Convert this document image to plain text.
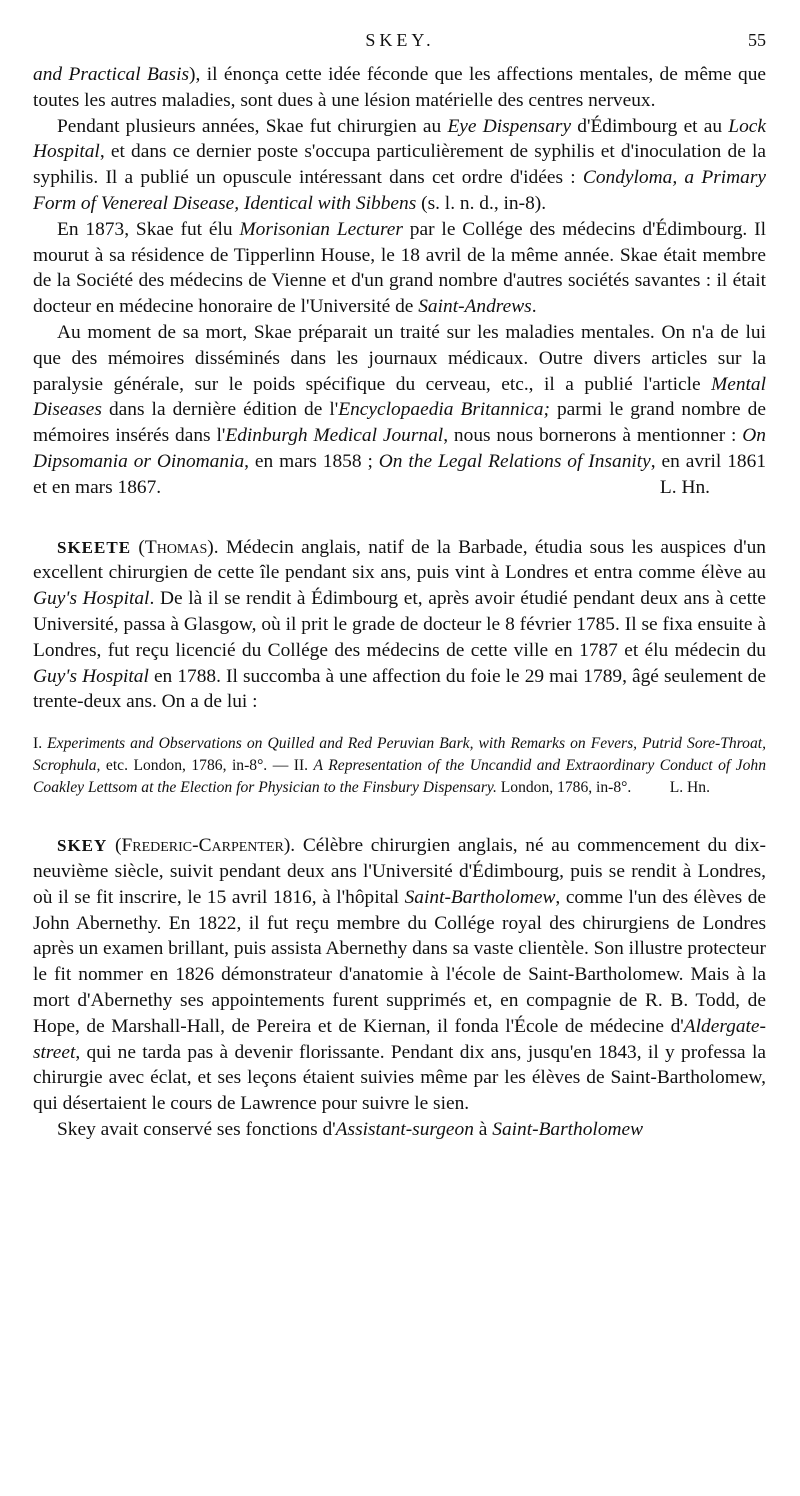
SKEY.	55

and Practical Basis), il énonça cette idée féconde que les affections mentales, de même que toutes les autres maladies, sont dues à une lésion matérielle des centres nerveux.

Pendant plusieurs années, Skae fut chirurgien au Eye Dispensary d'Édimbourg et au Lock Hospital, et dans ce dernier poste s'occupa particulièrement de syphilis et d'inoculation de la syphilis. Il a publié un opuscule intéressant dans cet ordre d'idées : Condyloma, a Primary Form of Venereal Disease, Identical with Sibbens (s. l. n. d., in-8).

En 1873, Skae fut élu Morisonian Lecturer par le Collége des médecins d'Édimbourg. Il mourut à sa résidence de Tipperlinn House, le 18 avril de la même année. Skae était membre de la Société des médecins de Vienne et d'un grand nombre d'autres sociétés savantes : il était docteur en médecine honoraire de l'Université de Saint-Andrews.

Au moment de sa mort, Skae préparait un traité sur les maladies mentales. On n'a de lui que des mémoires disséminés dans les journaux médicaux. Outre divers articles sur la paralysie générale, sur le poids spécifique du cerveau, etc., il a publié l'article Mental Diseases dans la dernière édition de l'Encyclopaedia Britannica; parmi le grand nombre de mémoires insérés dans l'Edinburgh Medical Journal, nous nous bornerons à mentionner : On Dipsomania or Oinomania, en mars 1858 ; On the Legal Relations of Insanity, en avril 1861 et en mars 1867.	L. Hn.

SKEETE (Thomas). Médecin anglais, natif de la Barbade, étudia sous les auspices d'un excellent chirurgien de cette île pendant six ans, puis vint à Londres et entra comme élève au Guy's Hospital. De là il se rendit à Édimbourg et, après avoir étudié pendant deux ans à cette Université, passa à Glasgow, où il prit le grade de docteur le 8 février 1785. Il se fixa ensuite à Londres, fut reçu licencié du Collége des médecins de cette ville en 1787 et élu médecin du Guy's Hospital en 1788. Il succomba à une affection du foie le 29 mai 1789, âgé seulement de trente-deux ans. On a de lui :

I. Experiments and Observations on Quilled and Red Peruvian Bark, with Remarks on Fevers, Putrid Sore-Throat, Scrophula, etc. London, 1786, in-8°. — II. A Representation of the Uncandid and Extraordinary Conduct of John Coakley Lettsom at the Election for Physician to the Finsbury Dispensary. London, 1786, in-8°. L. Hn.

SKEY (Frederic-Carpenter). Célèbre chirurgien anglais, né au commencement du dix-neuvième siècle, suivit pendant deux ans l'Université d'Édimbourg, puis se rendit à Londres, où il se fit inscrire, le 15 avril 1816, à l'hôpital Saint-Bartholomew, comme l'un des élèves de John Abernethy. En 1822, il fut reçu membre du Collége royal des chirurgiens de Londres après un examen brillant, puis assista Abernethy dans sa vaste clientèle. Son illustre protecteur le fit nommer en 1826 démonstrateur d'anatomie à l'école de Saint-Bartholomew. Mais à la mort d'Abernethy ses appointements furent supprimés et, en compagnie de R. B. Todd, de Hope, de Marshall-Hall, de Pereira et de Kiernan, il fonda l'École de médecine d'Aldergate-street, qui ne tarda pas à devenir florissante. Pendant dix ans, jusqu'en 1843, il y professa la chirurgie avec éclat, et ses leçons étaient suivies même par les élèves de Saint-Bartholomew, qui désertaient le cours de Lawrence pour suivre le sien.

Skey avait conservé ses fonctions d'Assistant-surgeon à Saint-Bartholomew
